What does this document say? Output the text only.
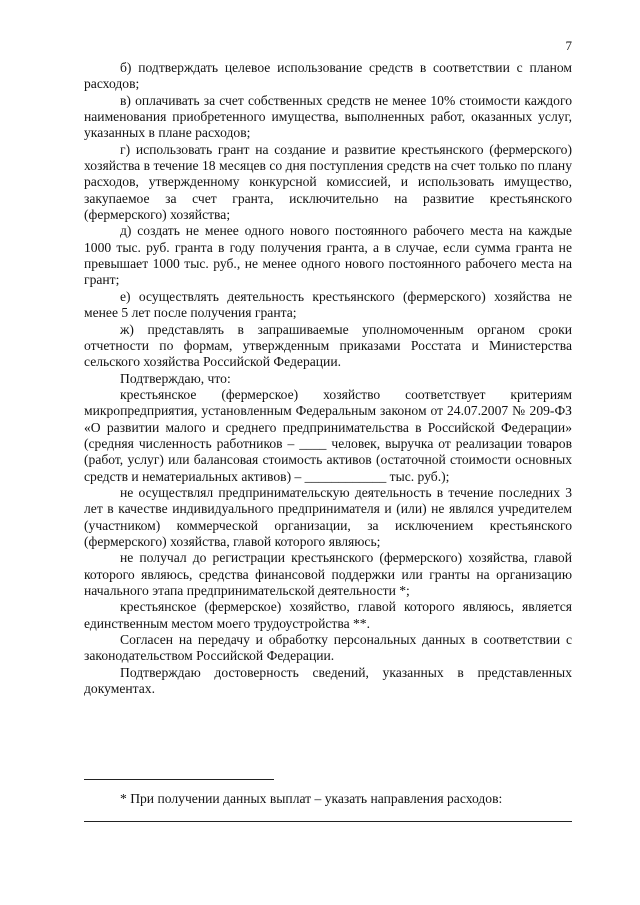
7

б) подтверждать целевое использование средств в соответствии с планом расходов;

в) оплачивать за счет собственных средств не менее 10% стоимости каждого наименования приобретенного имущества, выполненных работ, оказанных услуг, указанных в плане расходов;

г) использовать грант на создание и развитие крестьянского (фермерского) хозяйства в течение 18 месяцев со дня поступления средств на счет только по плану расходов, утвержденному конкурсной комиссией, и использовать имущество, закупаемое за счет гранта, исключительно на развитие крестьянского (фермерского) хозяйства;

д) создать не менее одного нового постоянного рабочего места на каждые 1000 тыс. руб. гранта в году получения гранта, а в случае, если сумма гранта не превышает 1000 тыс. руб., не менее одного нового постоянного рабочего места на грант;

е) осуществлять деятельность крестьянского (фермерского) хозяйства не менее 5 лет после получения гранта;

ж) представлять в запрашиваемые уполномоченным органом сроки отчетности по формам, утвержденным приказами Росстата и Министерства сельского хозяйства Российской Федерации.

Подтверждаю, что:

крестьянское (фермерское) хозяйство соответствует критериям микропредприятия, установленным Федеральным законом от 24.07.2007 № 209-ФЗ «О развитии малого и среднего предпринимательства в Российской Федерации» (средняя численность работников – ____ человек, выручка от реализации товаров (работ, услуг) или балансовая стоимость активов (остаточной стоимости основных средств и нематериальных активов) – ____________ тыс. руб.);

не осуществлял предпринимательскую деятельность в течение последних 3 лет в качестве индивидуального предпринимателя и (или) не являлся учредителем (участником) коммерческой организации, за исключением крестьянского (фермерского) хозяйства, главой которого являюсь;

не получал до регистрации крестьянского (фермерского) хозяйства, главой которого являюсь, средства финансовой поддержки или гранты на организацию начального этапа предпринимательской деятельности *;

крестьянское (фермерское) хозяйство, главой которого являюсь, является единственным местом моего трудоустройства **.

Согласен на передачу и обработку персональных данных в соответствии с законодательством Российской Федерации.

Подтверждаю достоверность сведений, указанных в представленных документах.

* При получении данных выплат – указать направления расходов:
